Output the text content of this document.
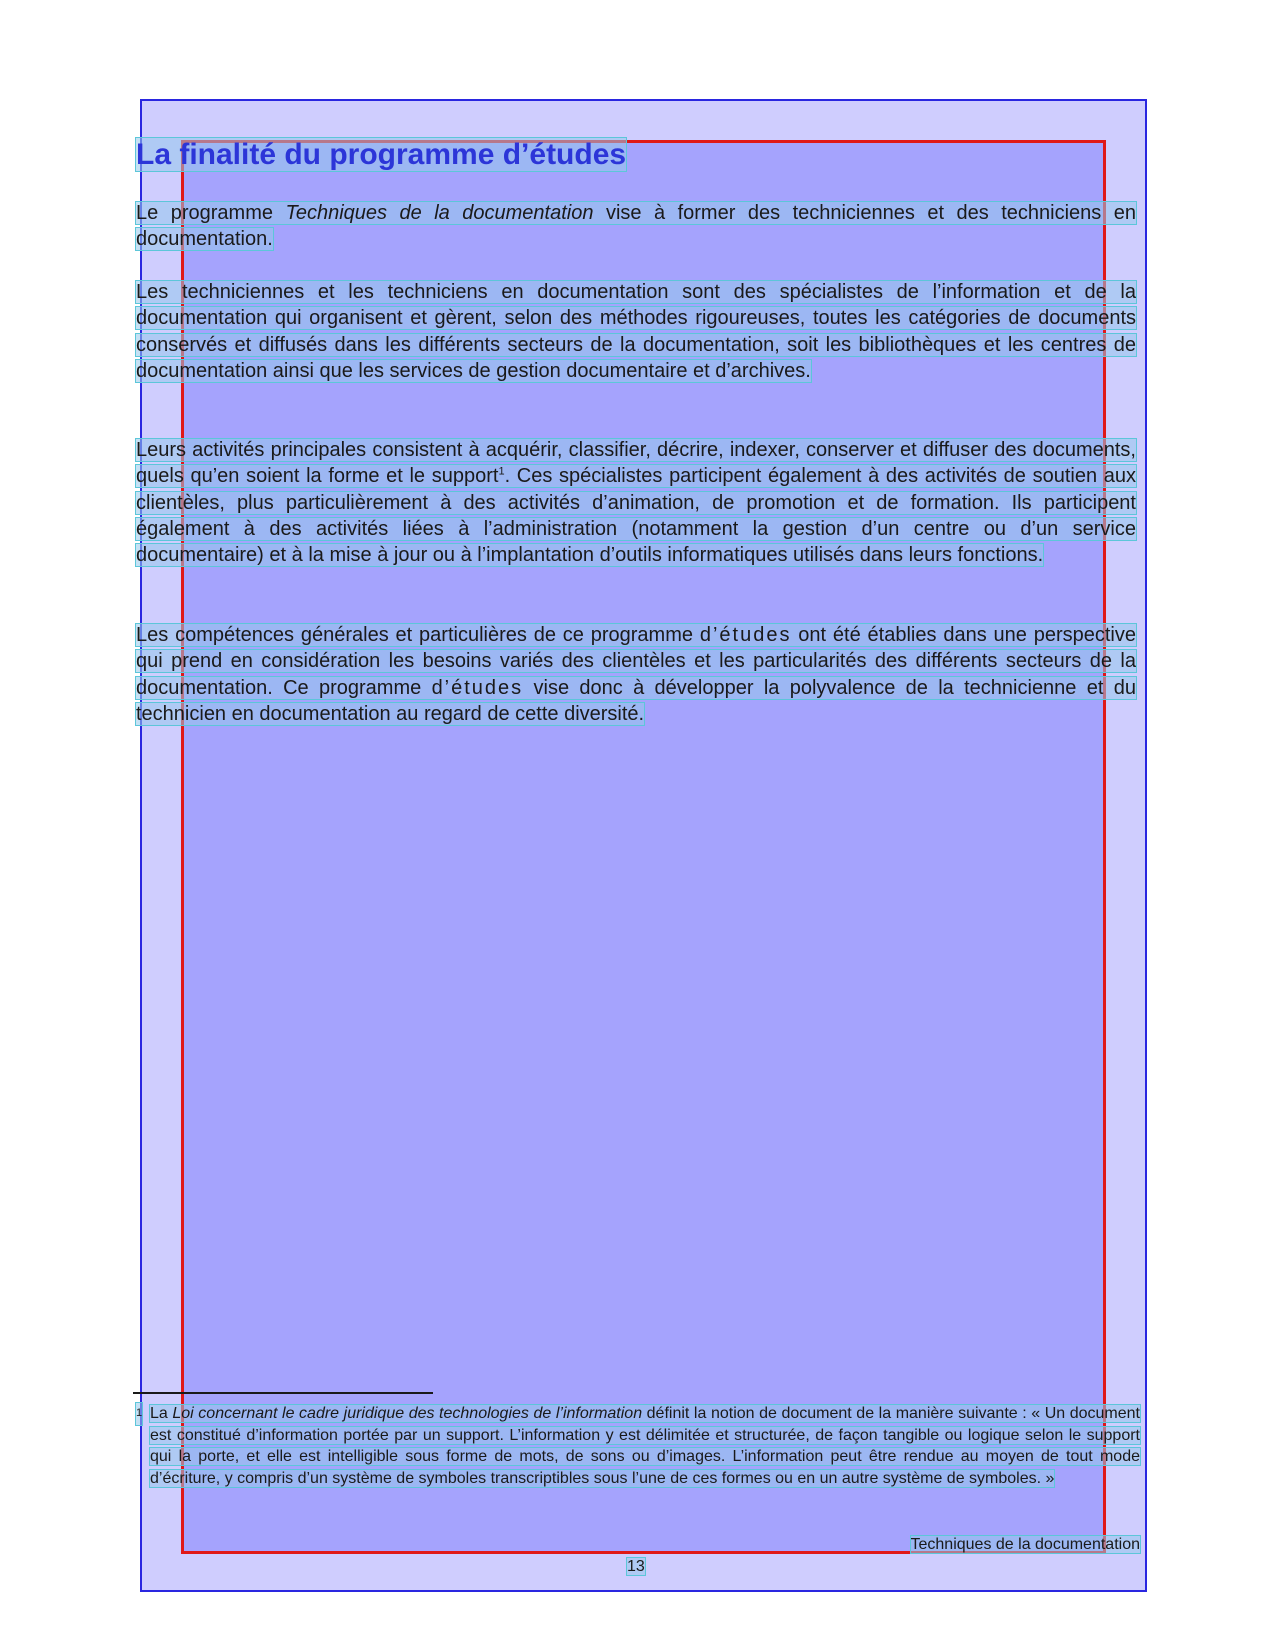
La finalité du programme d’études

Le programme Techniques de la documentation vise à former des techniciennes et des techniciens en documentation.

Les techniciennes et les techniciens en documentation sont des spécialistes de l’information et de la documentation qui organisent et gèrent, selon des méthodes rigoureuses, toutes les catégories de documents conservés et diffusés dans les différents secteurs de la documentation, soit les bibliothèques et les centres de documentation ainsi que les services de gestion documentaire et d’archives.

Leurs activités principales consistent à acquérir, classifier, décrire, indexer, conserver et diffuser des documents, quels qu’en soient la forme et le support$^1$. Ces spécialistes participent également à des activités de soutien aux clientèles, plus particulièrement à des activités d’animation, de promotion et de formation. Ils participent également à des activités liées à l’administration (notamment la gestion d’un centre ou d’un service documentaire) et à la mise à jour ou à l’implantation d’outils informatiques utilisés dans leurs fonctions.

Les compétences générales et particulières de ce programme d’études ont été établies dans une perspective qui prend en considération les besoins variés des clientèles et les particularités des différents secteurs de la documentation. Ce programme d’études vise donc à développer la polyvalence de la technicienne et du technicien en documentation au regard de cette diversité.

1 La Loi concernant le cadre juridique des technologies de l’information définit la notion de document de la manière suivante : « Un document est constitué d’information portée par un support. L’information y est délimitée et structurée, de façon tangible ou logique selon le support qui la porte, et elle est intelligible sous forme de mots, de sons ou d’images. L’information peut être rendue au moyen de tout mode d’écriture, y compris d’un système de symboles transcriptibles sous l’une de ces formes ou en un autre système de symboles. »

Techniques de la documentation

13
